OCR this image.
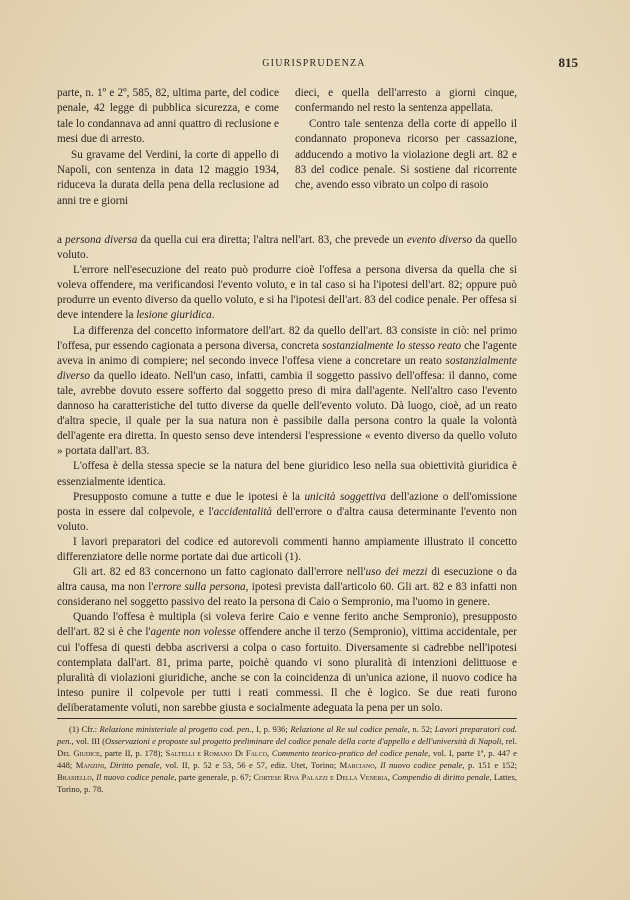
GIURISPRUDENZA	815

parte, n. 1º e 2º, 585, 82, ultima parte, del codice penale, 42 legge di pubblica sicurezza, e come tale lo condannava ad anni quattro di reclusione e mesi due di arresto.

Su gravame del Verdini, la corte di appello di Napoli, con sentenza in data 12 maggio 1934, riduceva la durata della pena della reclusione ad anni tre e giorni

dieci, e quella dell'arresto a giorni cinque, confermando nel resto la sentenza appellata.

Contro tale sentenza della corte di appello il condannato proponeva ricorso per cassazione, adducendo a motivo la violazione degli art. 82 e 83 del codice penale. Si sostiene dal ricorrente che, avendo esso vibrato un colpo di rasoio

a persona diversa da quella cui era diretta; l'altra nell'art. 83, che prevede un evento diverso da quello voluto.

L'errore nell'esecuzione del reato può produrre cioè l'offesa a persona diversa da quella che si voleva offendere, ma verificandosi l'evento voluto, e in tal caso si ha l'ipotesi dell'art. 82; oppure può produrre un evento diverso da quello voluto, e si ha l'ipotesi dell'art. 83 del codice penale. Per offesa si deve intendere la lesione giuridica.

La differenza del concetto informatore dell'art. 82 da quello dell'art. 83 consiste in ciò: nel primo l'offesa, pur essendo cagionata a persona diversa, concreta sostanzialmente lo stesso reato che l'agente aveva in animo di compiere; nel secondo invece l'offesa viene a concretare un reato sostanzialmente diverso da quello ideato. Nell'un caso, infatti, cambia il soggetto passivo dell'offesa: il danno, come tale, avrebbe dovuto essere sofferto dal soggetto preso di mira dall'agente. Nell'altro caso l'evento dannoso ha caratteristiche del tutto diverse da quelle dell'evento voluto. Dà luogo, cioè, ad un reato d'altra specie, il quale per la sua natura non è passibile dalla persona contro la quale la volontà dell'agente era diretta. In questo senso deve intendersi l'espressione « evento diverso da quello voluto » portata dall'art. 83.

L'offesa è della stessa specie se la natura del bene giuridico leso nella sua obiettività giuridica è essenzialmente identica.

Presupposto comune a tutte e due le ipotesi è la unicità soggettiva dell'azione o dell'omissione posta in essere dal colpevole, e l'accidentalità dell'errore o d'altra causa determinante l'evento non voluto.

I lavori preparatori del codice ed autorevoli commenti hanno ampiamente illustrato il concetto differenziatore delle norme portate dai due articoli (1).

Gli art. 82 ed 83 concernono un fatto cagionato dall'errore nell'uso dei mezzi di esecuzione o da altra causa, ma non l'errore sulla persona, ipotesi prevista dall'articolo 60. Gli art. 82 e 83 infatti non considerano nel soggetto passivo del reato la persona di Caio o Sempronio, ma l'uomo in genere.

Quando l'offesa è multipla (si voleva ferire Caio e venne ferito anche Sempronio), presupposto dell'art. 82 si è che l'agente non volesse offendere anche il terzo (Sempronio), vittima accidentale, per cui l'offesa di questi debba ascriversi a colpa o caso fortuito. Diversamente si cadrebbe nell'ipotesi contemplata dall'art. 81, prima parte, poichè quando vi sono pluralità di intenzioni delittuose e pluralità di violazioni giuridiche, anche se con la coincidenza di un'unica azione, il nuovo codice ha inteso punire il colpevole per tutti i reati commessi. Il che è logico. Se due reati furono deliberatamente voluti, non sarebbe giusta e socialmente adeguata la pena per un solo.

(1) Cfr.: Relazione ministeriale al progetto cod. pen., I, p. 936; Relazione al Re sul codice penale, n. 52; Lavori preparatori cod. pen., vol. III (Osservazioni e proposte sul progetto preliminare del codice penale della corte d'appello e dell'università di Napoli, rel. Del Giudice, parte II, p. 178); Saltelli e Romano Di Falco, Commento teorico-pratico del codice penale, vol. I, parte 1ª, p. 447 e 448; Manzini, Diritto penale, vol. II, p. 52 e 53, 56 e 57, ediz. Utet, Torino; Marciano, Il nuovo codice penale, p. 151 e 152; Brasiello, Il nuovo codice penale, parte generale, p. 67; Cortese Riva Palazzi e Della Veneria, Compendio di diritto penale, Lattes, Torino, p. 78.
